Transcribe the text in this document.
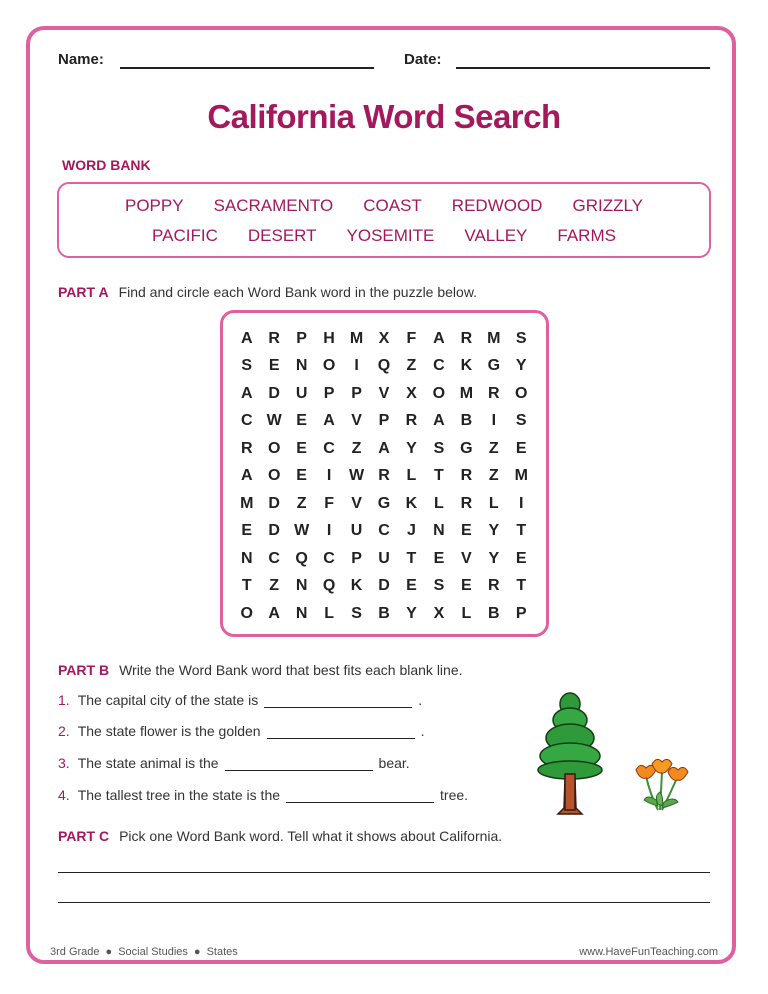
Name:	Date:
California Word Search
WORD BANK
POPPY SACRAMENTO COAST REDWOOD GRIZZLY
PACIFIC DESERT YOSEMITE VALLEY FARMS
PART A Find and circle each Word Bank word in the puzzle below.
A R	P	H M X	F	A R M S
S	E	N O	I	Q	Z	C K G Y
A D U	P	P	V	X O M R O
C W E	A	V	P	R A B	I	S
R O E	C	Z	A	Y	S G	Z	E
A O E	I	W R	L	T	R	Z M
M D	Z	F	V G K	L	R	L	I
E	D W	I	U C	J	N	E	Y	T
N C Q C	P	U	T	E	V	Y	E
T	Z	N Q K D	E	S	E	R	T
O A N	L	S	B	Y	X	L	B	P
PART B Write the Word Bank word that best fits each blank line.
1. The capital city of the state is	.
2. The state flower is the golden	.
3. The state animal is the	bear.
4. The tallest tree in the state is the	tree.
PART C Pick one Word Bank word. Tell what it shows about California.
3rd Grade ● Social Studies ● States	www.HaveFunTeaching.com
